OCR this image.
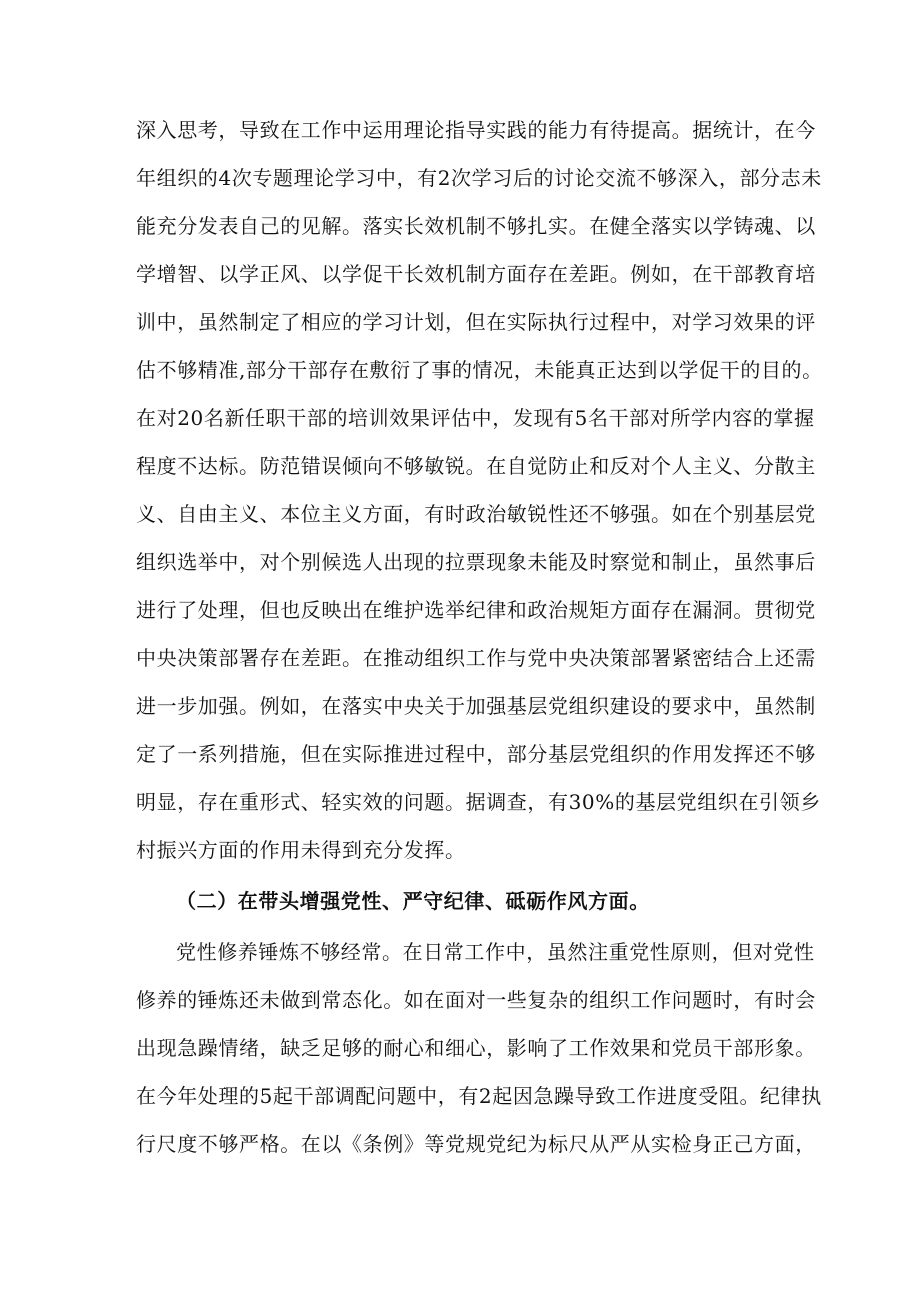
深入思考，导致在工作中运用理论指导实践的能力有待提高。据统计，在今
年组织的4次专题理论学习中，有2次学习后的讨论交流不够深入，部分志未
能充分发表自己的见解。落实长效机制不够扎实。在健全落实以学铸魂、以
学增智、以学正风、以学促干长效机制方面存在差距。例如，在干部教育培
训中，虽然制定了相应的学习计划，但在实际执行过程中，对学习效果的评
估不够精准,部分干部存在敷衍了事的情况，未能真正达到以学促干的目的。
在对20名新任职干部的培训效果评估中，发现有5名干部对所学内容的掌握
程度不达标。防范错误倾向不够敏锐。在自觉防止和反对个人主义、分散主
义、自由主义、本位主义方面，有时政治敏锐性还不够强。如在个别基层党
组织选举中，对个别候选人出现的拉票现象未能及时察觉和制止，虽然事后
进行了处理，但也反映出在维护选举纪律和政治规矩方面存在漏洞。贯彻党
中央决策部署存在差距。在推动组织工作与党中央决策部署紧密结合上还需
进一步加强。例如，在落实中央关于加强基层党组织建设的要求中，虽然制
定了一系列措施，但在实际推进过程中，部分基层党组织的作用发挥还不够
明显，存在重形式、轻实效的问题。据调查，有30%的基层党组织在引领乡
村振兴方面的作用未得到充分发挥。
（二）在带头增强党性、严守纪律、砥砺作风方面。
党性修养锤炼不够经常。在日常工作中，虽然注重党性原则，但对党性
修养的锤炼还未做到常态化。如在面对一些复杂的组织工作问题时，有时会
出现急躁情绪，缺乏足够的耐心和细心，影响了工作效果和党员干部形象。
在今年处理的5起干部调配问题中，有2起因急躁导致工作进度受阻。纪律执
行尺度不够严格。在以《条例》等党规党纪为标尺从严从实检身正己方面，
